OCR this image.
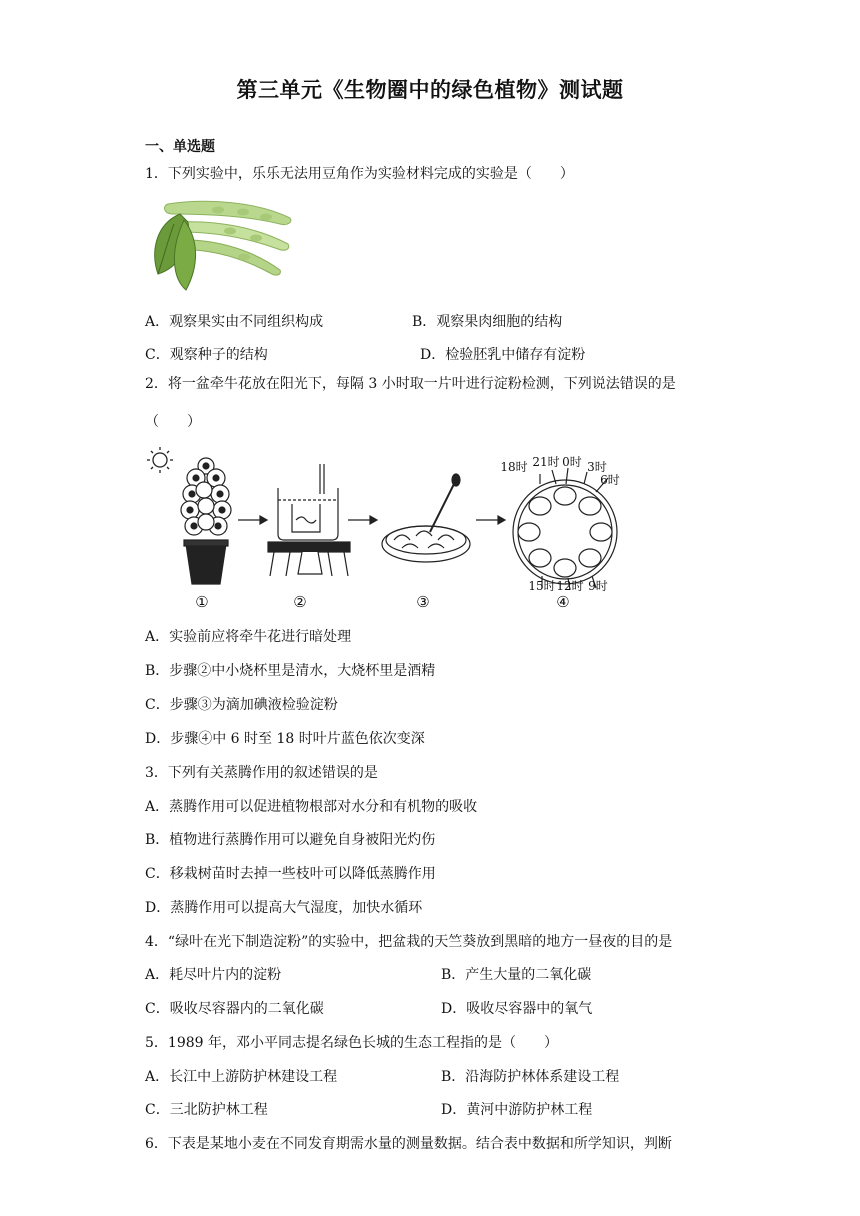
第三单元《生物圈中的绿色植物》测试题
一、单选题
1．下列实验中，乐乐无法用豆角作为实验材料完成的实验是（　　）
A．观察果实由不同组织构成	B．观察果肉细胞的结构
C．观察种子的结构	D．检验胚乳中储存有淀粉
2．将一盆牵牛花放在阳光下，每隔 3 小时取一片叶进行淀粉检测，下列说法错误的是
（　　）
18时 21时 0时 3时
6时
15时 12时 9时
①	②	③	④
A．实验前应将牵牛花进行暗处理
B．步骤②中小烧杯里是清水，大烧杯里是酒精
C．步骤③为滴加碘液检验淀粉
D．步骤④中 6 时至 18 时叶片蓝色依次变深
3．下列有关蒸腾作用的叙述错误的是
A．蒸腾作用可以促进植物根部对水分和有机物的吸收
B．植物进行蒸腾作用可以避免自身被阳光灼伤
C．移栽树苗时去掉一些枝叶可以降低蒸腾作用
D．蒸腾作用可以提高大气湿度，加快水循环
4．“绿叶在光下制造淀粉”的实验中，把盆栽的天竺葵放到黑暗的地方一昼夜的目的是
A．耗尽叶片内的淀粉	B．产生大量的二氧化碳
C．吸收尽容器内的二氧化碳	D．吸收尽容器中的氧气
5．1989 年，邓小平同志提名绿色长城的生态工程指的是（　　）
A．长江中上游防护林建设工程	B．沿海防护林体系建设工程
C．三北防护林工程	D．黄河中游防护林工程
6．下表是某地小麦在不同发育期需水量的测量数据。结合表中数据和所学知识，判断
